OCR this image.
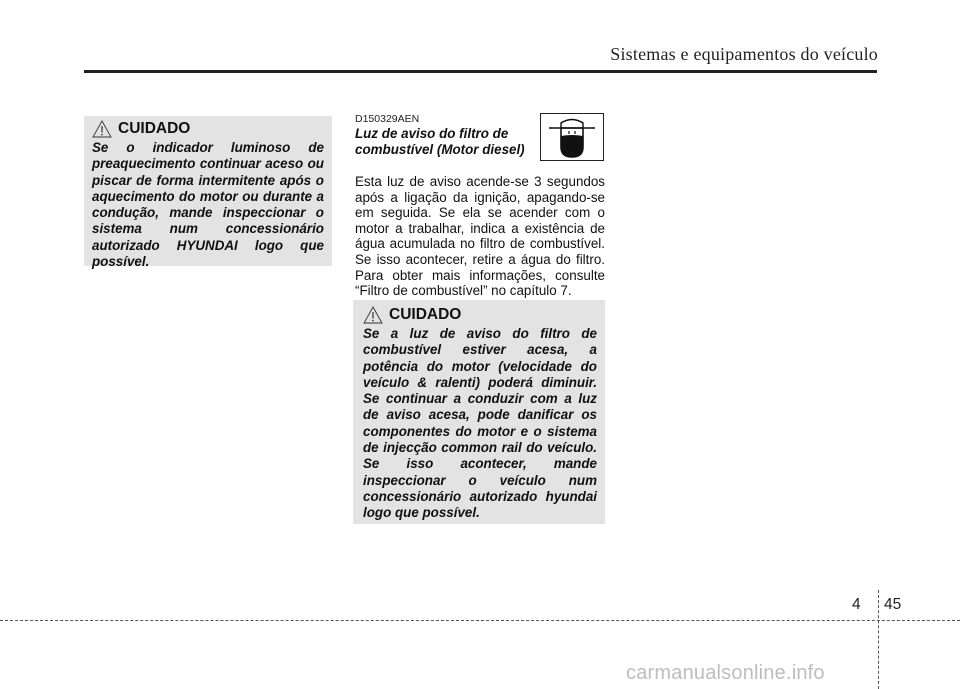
Sistemas e equipamentos do veículo
CUIDADO

Se o indicador luminoso de preaquecimento continuar aceso ou piscar de forma intermitente após o aquecimento do motor ou durante a condução, mande inspeccionar o sistema num concessionário autorizado HYUNDAI logo que possível.

D150329AEN
Luz de aviso do filtro de combustível (Motor diesel)

Esta luz de aviso acende-se 3 segundos após a ligação da ignição, apagando-se em seguida. Se ela se acender com o motor a trabalhar, indica a existência de água acumulada no filtro de combustível. Se isso acontecer, retire a água do filtro. Para obter mais informações, consulte “Filtro de combustível” no capítulo 7.

CUIDADO

Se a luz de aviso do filtro de combustível estiver acesa, a potência do motor (velocidade do veículo & ralenti) poderá diminuir. Se continuar a conduzir com a luz de aviso acesa, pode danificar os componentes do motor e o sistema de injecção common rail do veículo. Se isso acontecer, mande inspeccionar o veículo num concessionário autorizado hyundai logo que possível.

4 45
carmanualsonline.info
